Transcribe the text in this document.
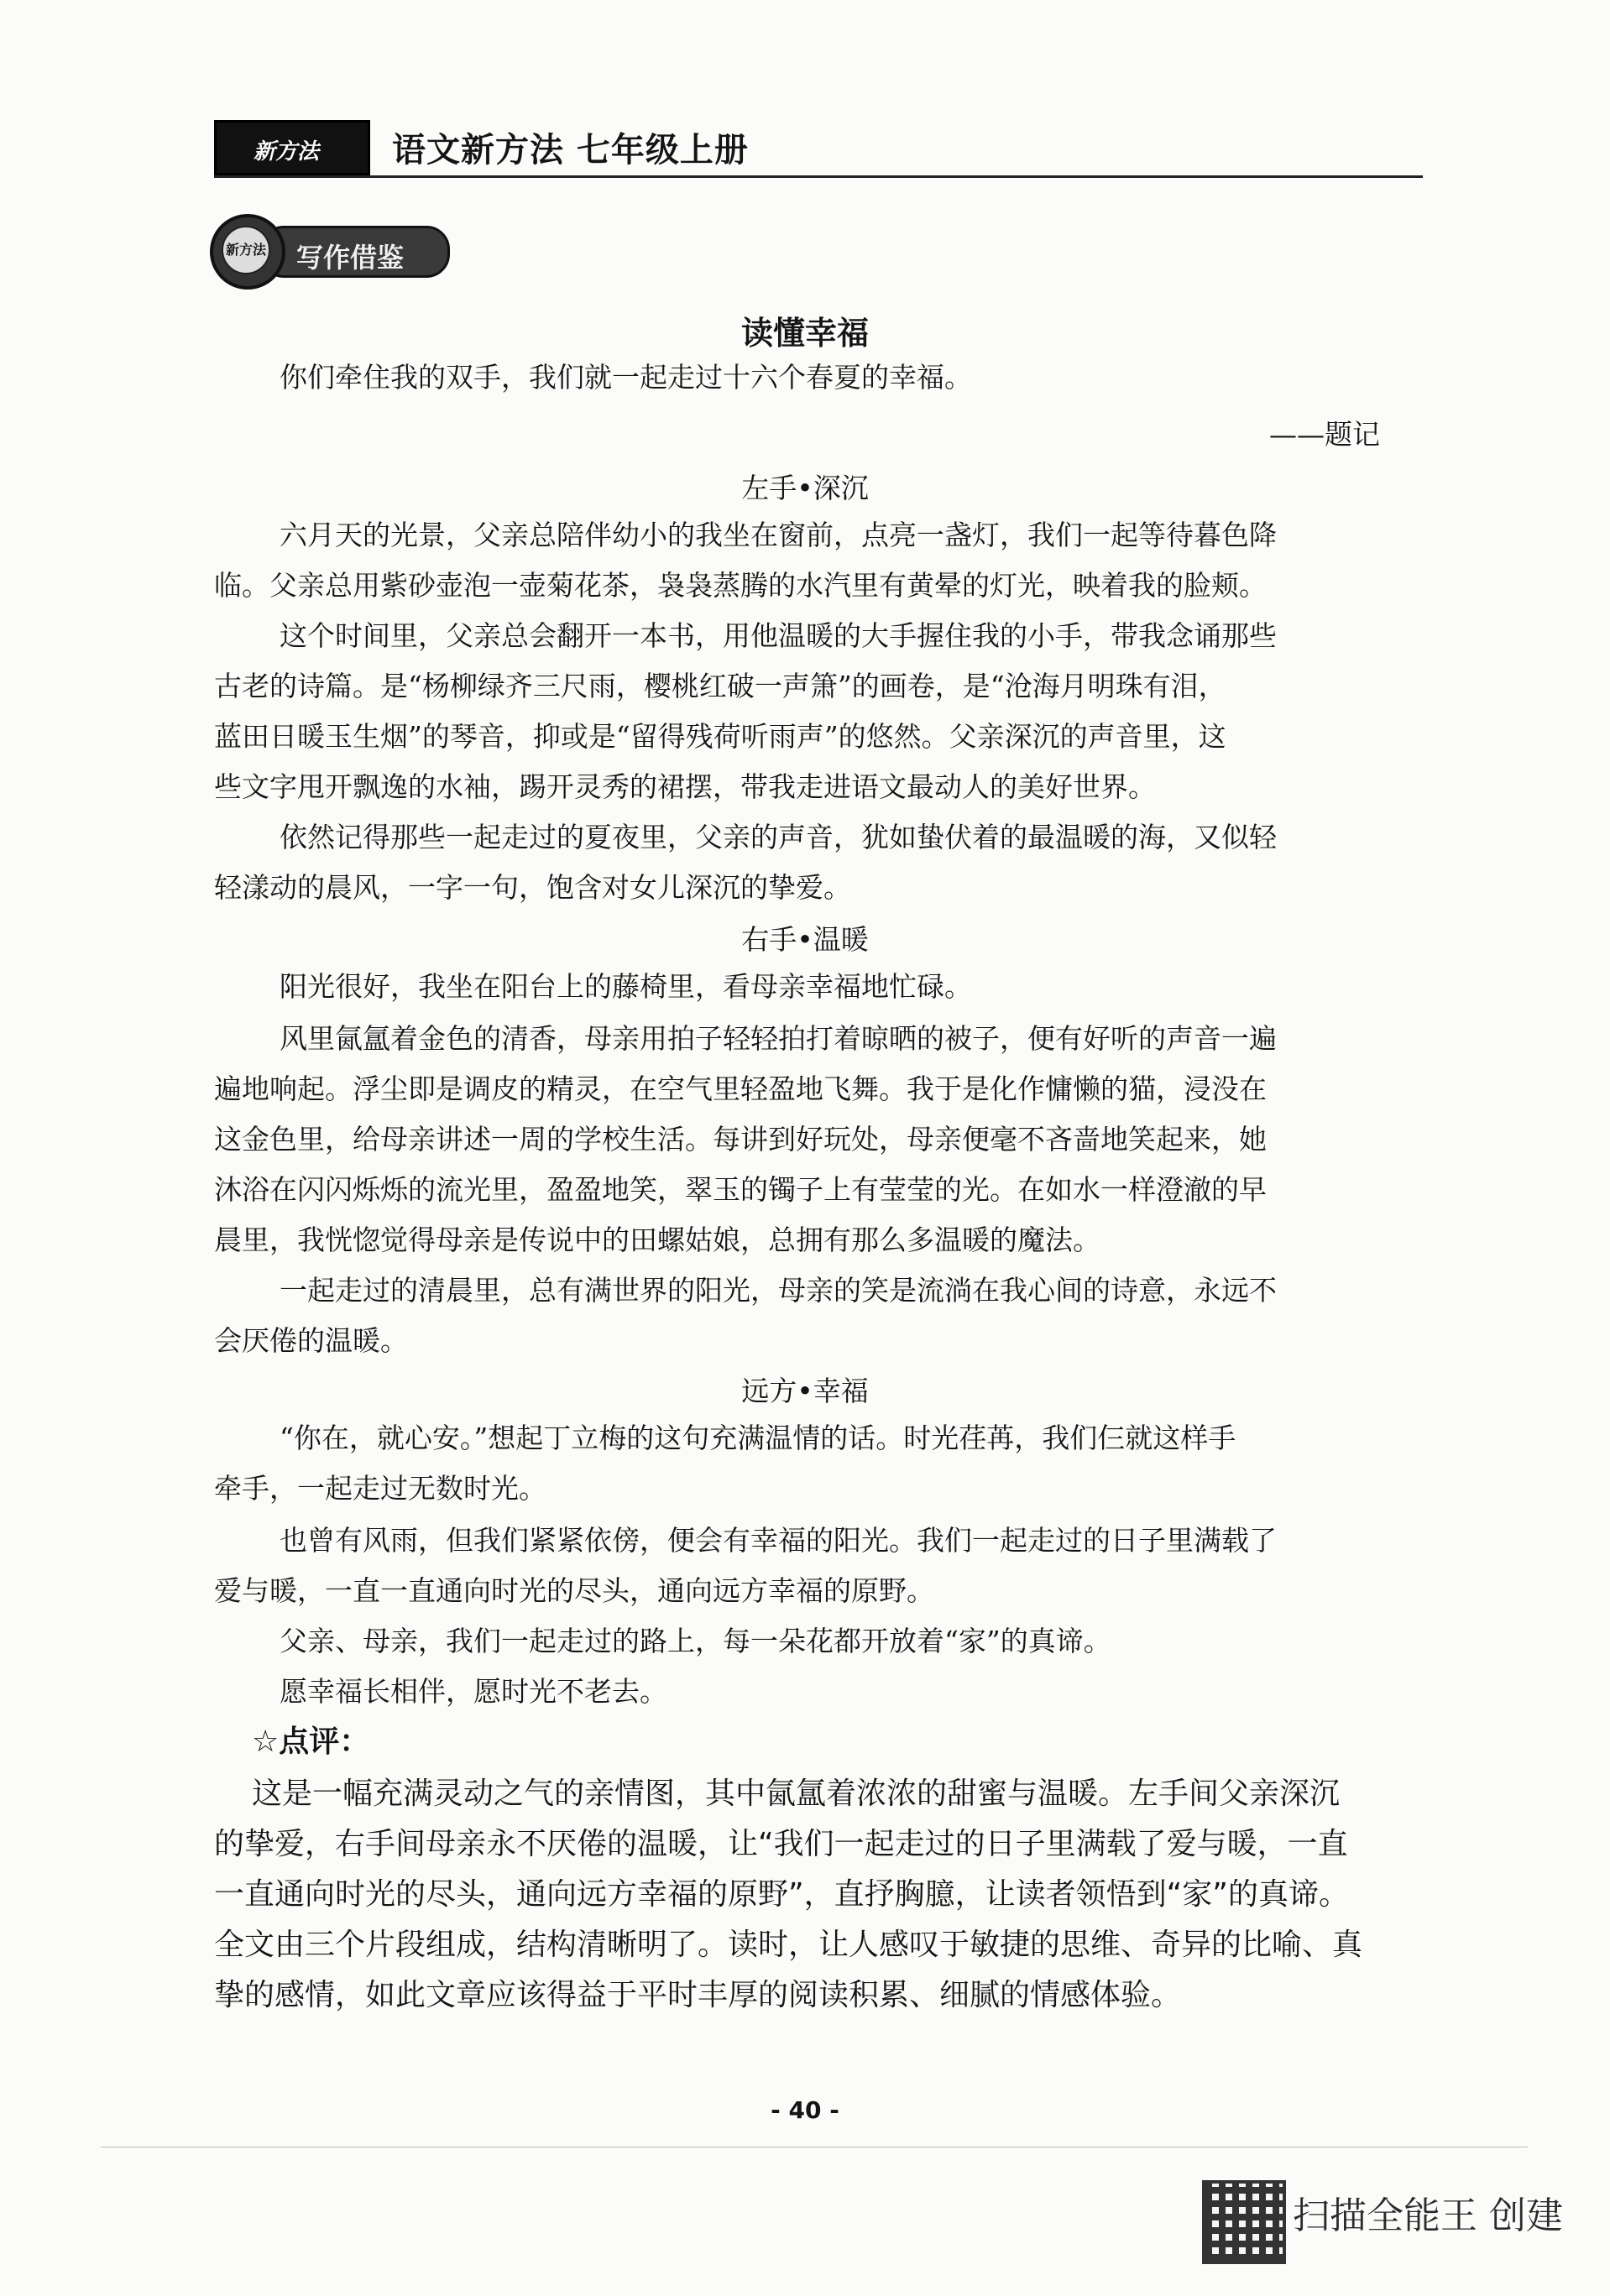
新方法 语文新方法 七年级上册
写作借鉴
新方法
读懂幸福
你们牵住我的双手，我们就一起走过十六个春夏的幸福。
——题记
左手•深沉
六月天的光景，父亲总陪伴幼小的我坐在窗前，点亮一盏灯，我们一起等待暮色降
临。父亲总用紫砂壶泡一壶菊花茶，袅袅蒸腾的水汽里有黄晕的灯光，映着我的脸颊。
这个时间里，父亲总会翻开一本书，用他温暖的大手握住我的小手，带我念诵那些
古老的诗篇。是“杨柳绿齐三尺雨，樱桃红破一声箫”的画卷，是“沧海月明珠有泪，
蓝田日暖玉生烟”的琴音，抑或是“留得残荷听雨声”的悠然。父亲深沉的声音里，这
些文字甩开飘逸的水袖，踢开灵秀的裙摆，带我走进语文最动人的美好世界。
依然记得那些一起走过的夏夜里，父亲的声音，犹如蛰伏着的最温暖的海，又似轻
轻漾动的晨风，一字一句，饱含对女儿深沉的挚爱。
右手•温暖
阳光很好，我坐在阳台上的藤椅里，看母亲幸福地忙碌。
风里氤氲着金色的清香，母亲用拍子轻轻拍打着晾晒的被子，便有好听的声音一遍
遍地响起。浮尘即是调皮的精灵，在空气里轻盈地飞舞。我于是化作慵懒的猫，浸没在
这金色里，给母亲讲述一周的学校生活。每讲到好玩处，母亲便毫不吝啬地笑起来，她
沐浴在闪闪烁烁的流光里，盈盈地笑，翠玉的镯子上有莹莹的光。在如水一样澄澈的早
晨里，我恍惚觉得母亲是传说中的田螺姑娘，总拥有那么多温暖的魔法。
一起走过的清晨里，总有满世界的阳光，母亲的笑是流淌在我心间的诗意，永远不
会厌倦的温暖。
远方•幸福
“你在，就心安。”想起丁立梅的这句充满温情的话。时光荏苒，我们仨就这样手
牵手，一起走过无数时光。
也曾有风雨，但我们紧紧依傍，便会有幸福的阳光。我们一起走过的日子里满载了
爱与暖，一直一直通向时光的尽头，通向远方幸福的原野。
父亲、母亲，我们一起走过的路上，每一朵花都开放着“家”的真谛。
愿幸福长相伴，愿时光不老去。
☆点评：
这是一幅充满灵动之气的亲情图，其中氤氲着浓浓的甜蜜与温暖。左手间父亲深沉
的挚爱，右手间母亲永不厌倦的温暖，让“我们一起走过的日子里满载了爱与暖，一直
一直通向时光的尽头，通向远方幸福的原野”，直抒胸臆，让读者领悟到“家”的真谛。
全文由三个片段组成，结构清晰明了。读时，让人感叹于敏捷的思维、奇异的比喻、真
挚的感情，如此文章应该得益于平时丰厚的阅读积累、细腻的情感体验。
- 40 -
扫描全能王 创建
